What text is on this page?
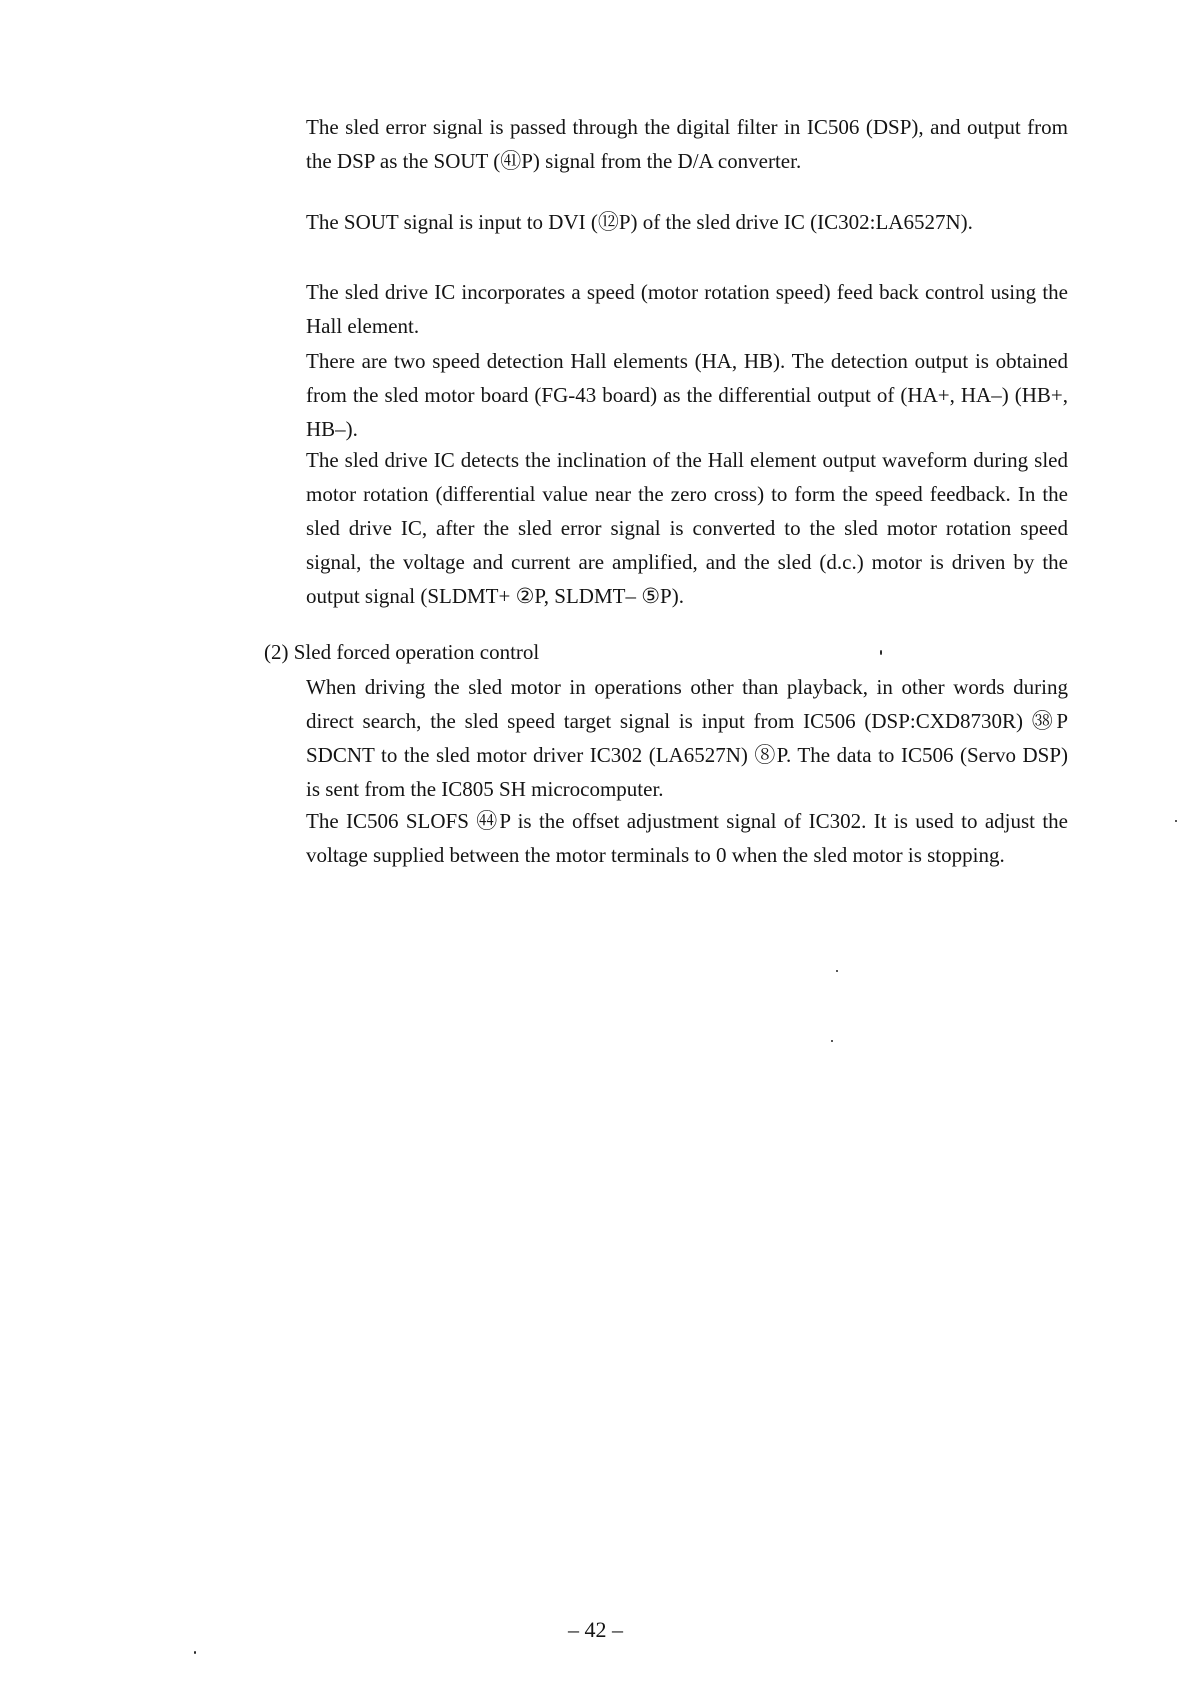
The sled error signal is passed through the digital filter in IC506 (DSP), and output from the DSP as the SOUT (㊶P) signal from the D/A converter.

The SOUT signal is input to DVI (⑫P) of the sled drive IC (IC302:LA6527N).

The sled drive IC incorporates a speed (motor rotation speed) feed back control using the Hall element.

There are two speed detection Hall elements (HA, HB). The detection output is obtained from the sled motor board (FG-43 board) as the differential output of (HA+, HA–) (HB+, HB–).

The sled drive IC detects the inclination of the Hall element output waveform during sled motor rotation (differential value near the zero cross) to form the speed feedback. In the sled drive IC, after the sled error signal is converted to the sled motor rotation speed signal, the voltage and current are amplified, and the sled (d.c.) motor is driven by the output signal (SLDMT+ ②P, SLDMT– ⑤P).

(2) Sled forced operation control

When driving the sled motor in operations other than playback, in other words during direct search, the sled speed target signal is input from IC506 (DSP:CXD8730R) ㊳P SDCNT to the sled motor driver IC302 (LA6527N) ⑧P. The data to IC506 (Servo DSP) is sent from the IC805 SH microcomputer.

The IC506 SLOFS ㊹P is the offset adjustment signal of IC302. It is used to adjust the voltage supplied between the motor terminals to 0 when the sled motor is stopping.

– 42 –
